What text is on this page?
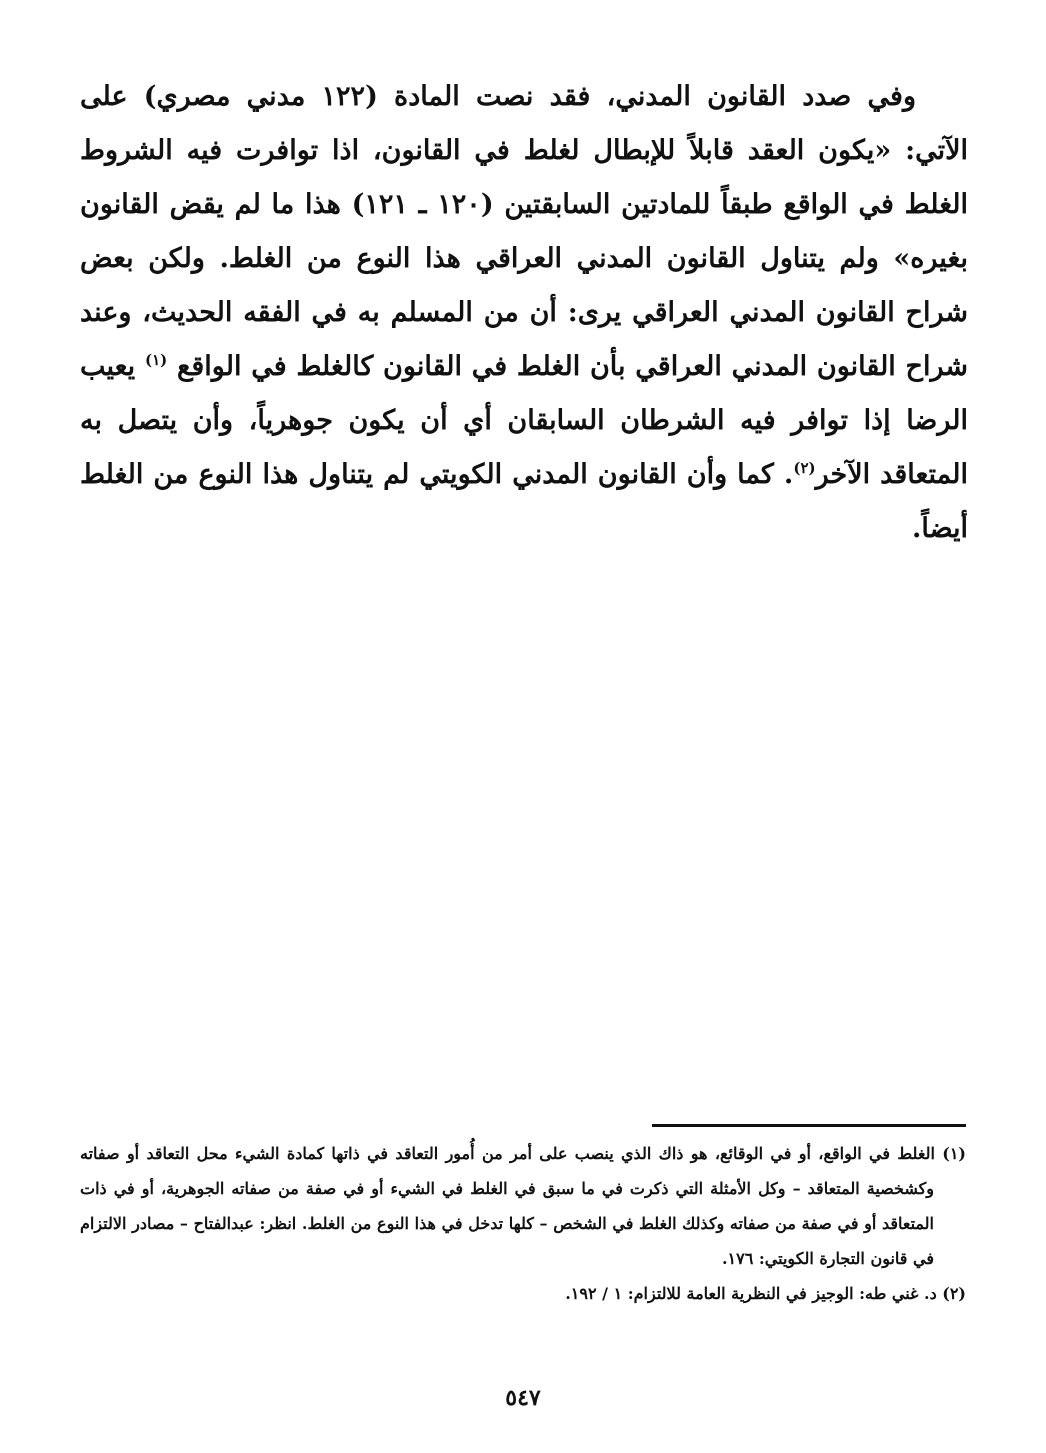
وفي صدد القانون المدني، فقد نصت المادة (١٢٢ مدني مصري) على الآتي: «يكون العقد قابلاً للإبطال لغلط في القانون، اذا توافرت فيه الشروط الغلط في الواقع طبقاً للمادتين السابقتين (١٢٠ ـ ١٢١) هذا ما لم يقض القانون بغيره» ولم يتناول القانون المدني العراقي هذا النوع من الغلط. ولكن بعض شراح القانون المدني العراقي يرى: أن من المسلم به في الفقه الحديث، وعند شراح القانون المدني العراقي بأن الغلط في القانون كالغلط في الواقع $^{(١)}$ يعيب الرضا إذا توافر فيه الشرطان السابقان أي أن يكون جوهرياً، وأن يتصل به المتعاقد الآخر$^{(٢)}$. كما وأن القانون المدني الكويتي لم يتناول هذا النوع من الغلط أيضاً.
(١) الغلط في الواقع، أو في الوقائع، هو ذاك الذي ينصب على أمر من أُمور التعاقد في ذاتها كمادة الشيء محل التعاقد أو صفاته وكشخصية المتعاقد – وكل الأمثلة التي ذكرت في ما سبق في الغلط في الشيء أو في صفة من صفاته الجوهرية، أو في ذات المتعاقد أو في صفة من صفاته وكذلك الغلط في الشخص – كلها تدخل في هذا النوع من الغلط. انظر: عبدالفتاح – مصادر الالتزام في قانون التجارة الكويتي: ١٧٦.
(٢) د. غني طه: الوجيز في النظرية العامة للالتزام: ١ / ١٩٢.
٥٤٧
